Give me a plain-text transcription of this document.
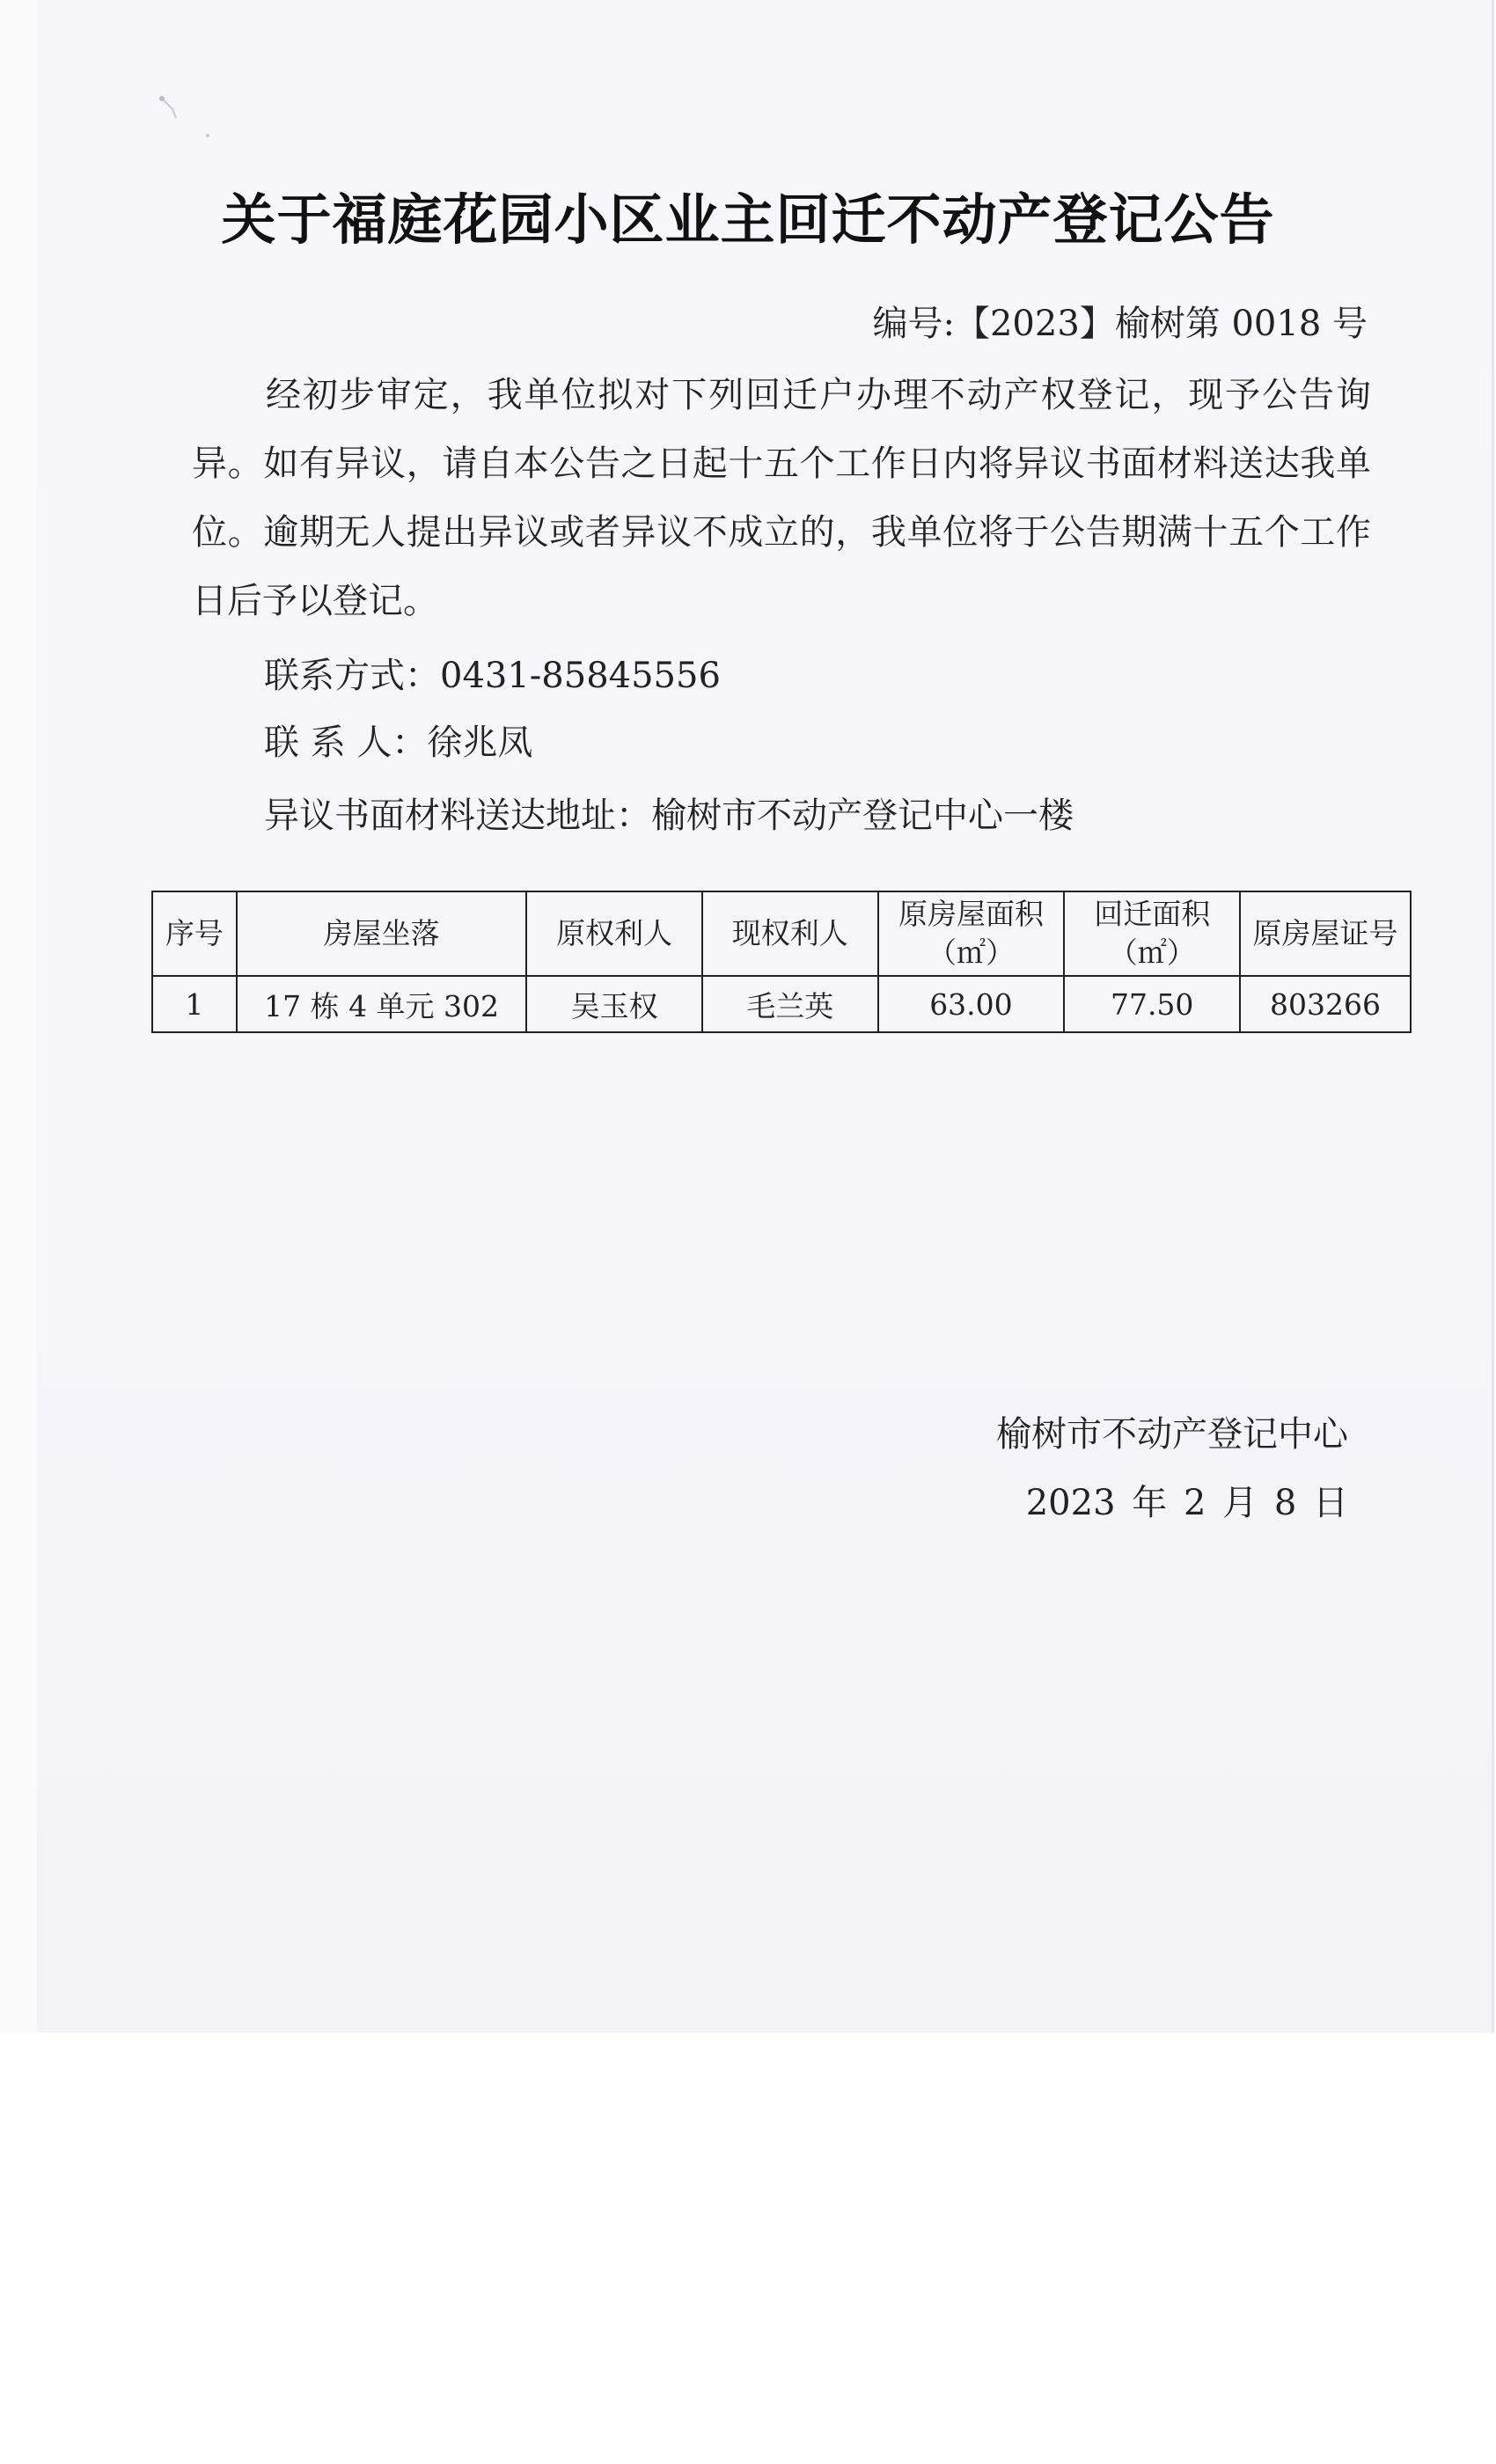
关于福庭花园小区业主回迁不动产登记公告
编号:【2023】榆树第 0018 号
经初步审定，我单位拟对下列回迁户办理不动产权登记，现予公告询异。如有异议，请自本公告之日起十五个工作日内将异议书面材料送达我单位。逾期无人提出异议或者异议不成立的，我单位将于公告期满十五个工作日后予以登记。
联系方式：0431-85845556
联 系 人：徐兆凤
异议书面材料送达地址：榆树市不动产登记中心一楼
序号	房屋坐落	原权利人	现权利人	原房屋面积（㎡）	回迁面积（㎡）	原房屋证号
1	17 栋 4 单元 302	吴玉权	毛兰英	63.00	77.50	803266
榆树市不动产登记中心
2023 年 2 月 8 日
